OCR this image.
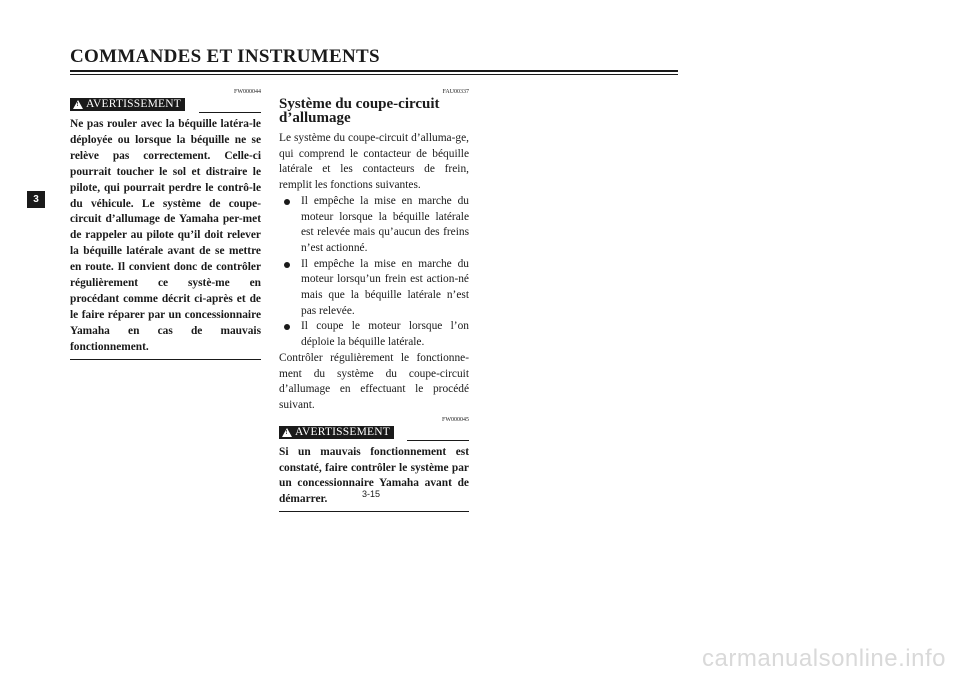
COMMANDES ET INSTRUMENTS
3
FW000044
!
AVERTISSEMENT
Ne pas rouler avec la béquille latéra-le déployée ou lorsque la béquille ne se relève pas correctement. Celle-ci pourrait toucher le sol et distraire le pilote, qui pourrait perdre le contrô-le du véhicule. Le système de coupe-circuit d’allumage de Yamaha per-met de rappeler au pilote qu’il doit relever la béquille latérale avant de se mettre en route. Il convient donc de contrôler régulièrement ce systè-me en procédant comme décrit ci-après et de le faire réparer par un concessionnaire Yamaha en cas de mauvais fonctionnement.
FAU00337
Système du coupe-circuit
d’allumage
Le système du coupe-circuit d’alluma-ge, qui comprend le contacteur de béquille latérale et les contacteurs de frein, remplit les fonctions suivantes.
Il empêche la mise en marche du moteur lorsque la béquille latérale est relevée mais qu’aucun des freins n’est actionné.
Il empêche la mise en marche du moteur lorsqu’un frein est action-né mais que la béquille latérale n’est pas relevée.
Il coupe le moteur lorsque l’on déploie la béquille latérale.
Contrôler régulièrement le fonctionne-ment du système du coupe-circuit d’allumage en effectuant le procédé suivant.
FW000045
!
AVERTISSEMENT
Si un mauvais fonctionnement est constaté, faire contrôler le système par un concessionnaire Yamaha avant de démarrer.	3-15
carmanualsonline.info
